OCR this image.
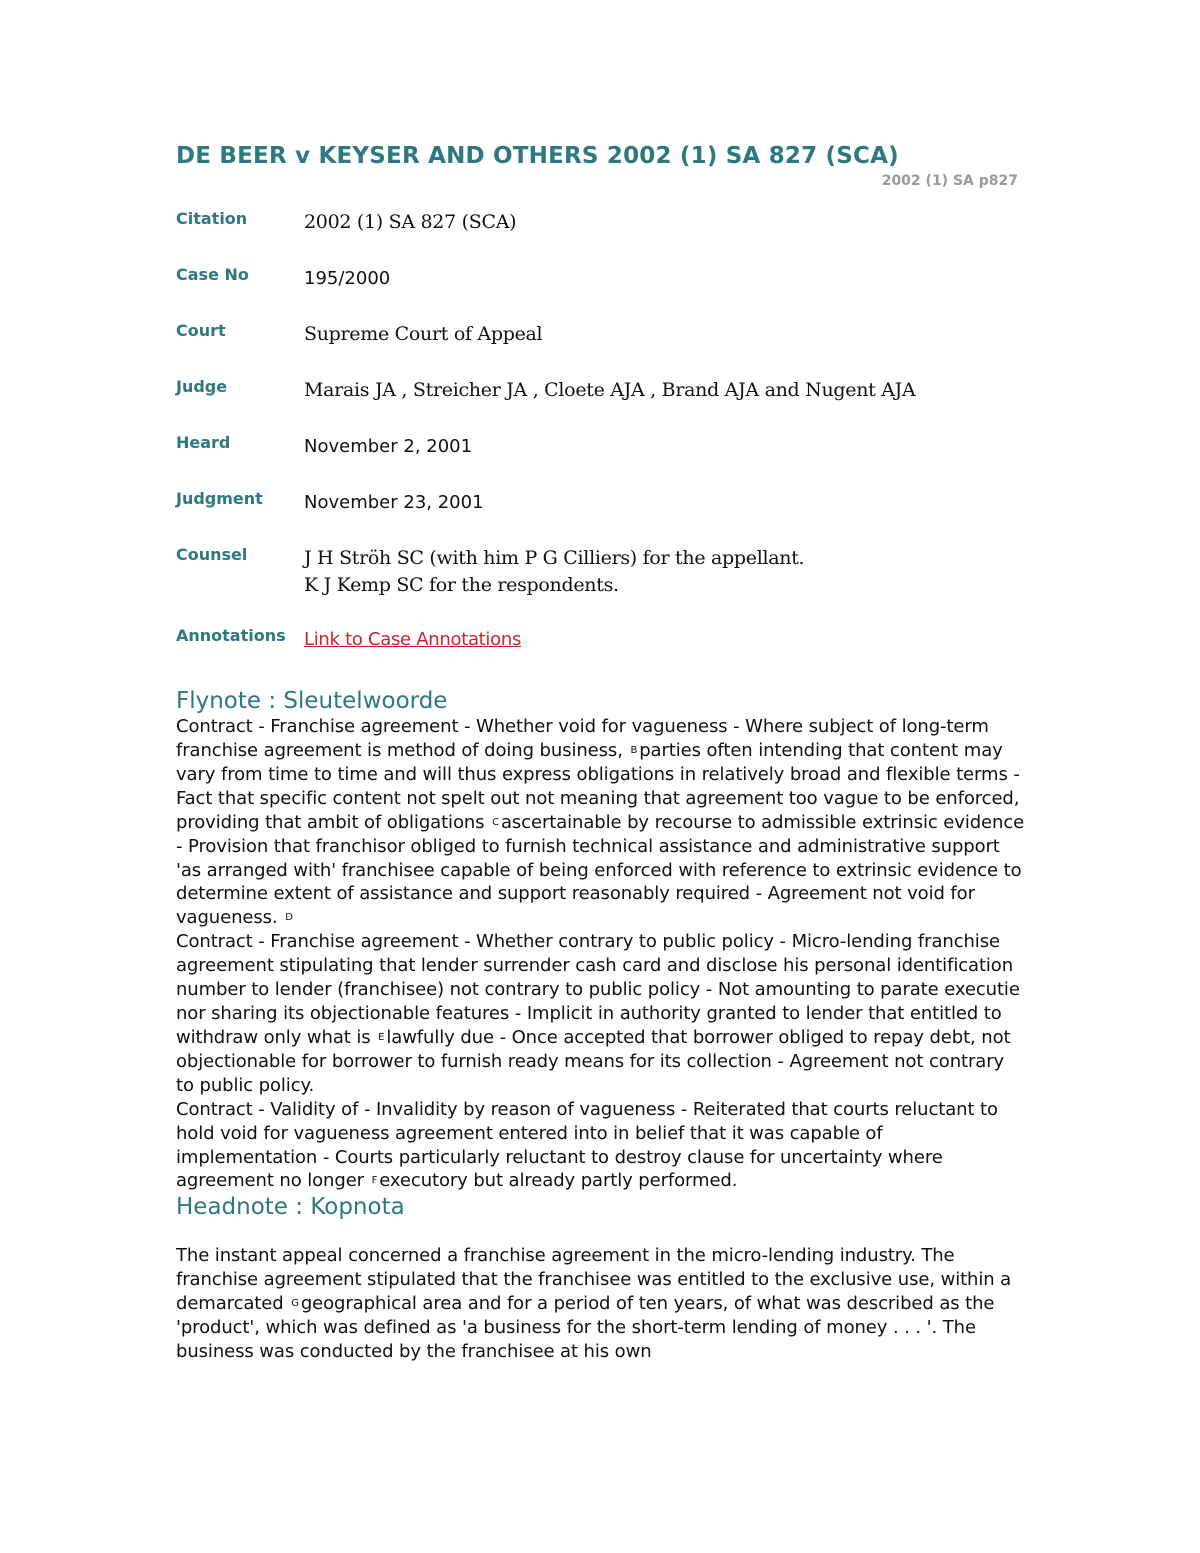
DE BEER v KEYSER AND OTHERS 2002 (1) SA 827 (SCA)
2002 (1) SA p827
Citation	2002 (1) SA 827 (SCA)
Case No	195/2000
Court	Supreme Court of Appeal
Judge	Marais JA , Streicher JA , Cloete AJA , Brand AJA and Nugent AJA
Heard	November 2, 2001
Judgment	November 23, 2001
Counsel	J H Ströh SC (with him P G Cilliers) for the appellant.
K J Kemp SC for the respondents.

Annotations	Link to Case Annotations
Flynote : Sleutelwoorde

Contract - Franchise agreement - Whether void for vagueness - Where subject of long-term franchise agreement is method of doing business, B parties often intending that content may vary from time to time and will thus express obligations in relatively broad and flexible terms - Fact that specific content not spelt out not meaning that agreement too vague to be enforced, providing that ambit of obligations C ascertainable by recourse to admissible extrinsic evidence - Provision that franchisor obliged to furnish technical assistance and administrative support 'as arranged with' franchisee capable of being enforced with reference to extrinsic evidence to determine extent of assistance and support reasonably required - Agreement not void for vagueness. D

Contract - Franchise agreement - Whether contrary to public policy - Micro-lending franchise agreement stipulating that lender surrender cash card and disclose his personal identification number to lender (franchisee) not contrary to public policy - Not amounting to parate executie nor sharing its objectionable features - Implicit in authority granted to lender that entitled to withdraw only what is E lawfully due - Once accepted that borrower obliged to repay debt, not objectionable for borrower to furnish ready means for its collection - Agreement not contrary to public policy.

Contract - Validity of - Invalidity by reason of vagueness - Reiterated that courts reluctant to hold void for vagueness agreement entered into in belief that it was capable of implementation - Courts particularly reluctant to destroy clause for uncertainty where agreement no longer F executory but already partly performed.

Headnote : Kopnota

The instant appeal concerned a franchise agreement in the micro-lending industry. The franchise agreement stipulated that the franchisee was entitled to the exclusive use, within a demarcated G geographical area and for a period of ten years, of what was described as the 'product', which was defined as 'a business for the short-term lending of money . . . '. The business was conducted by the franchisee at his own
